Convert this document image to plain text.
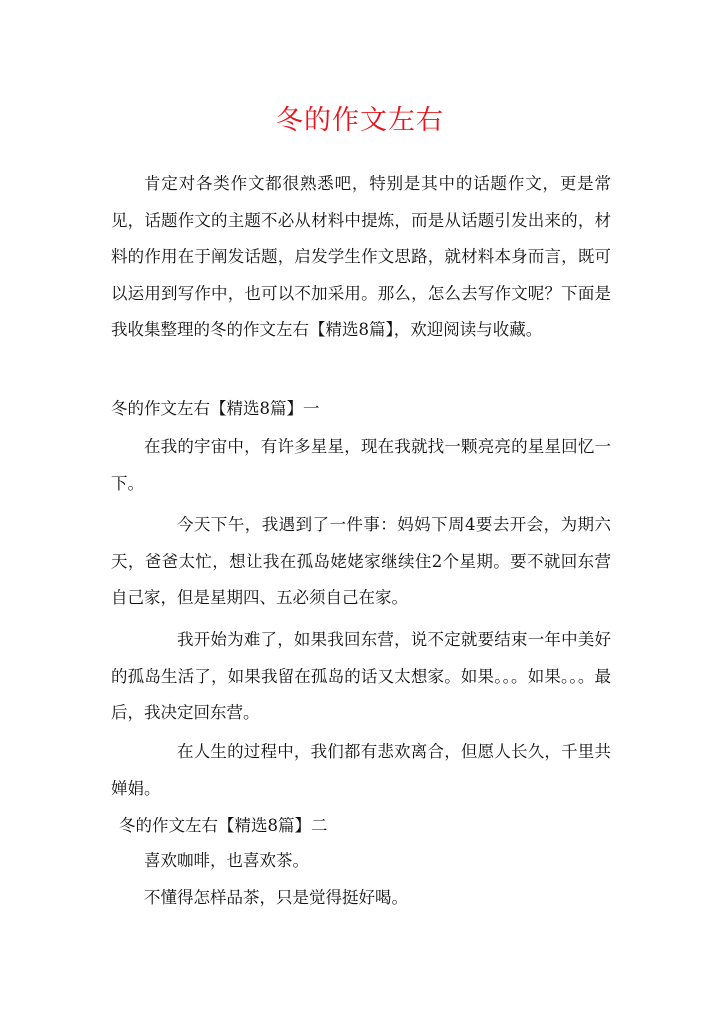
冬的作文左右
肯定对各类作文都很熟悉吧，特别是其中的话题作文，更是常见，话题作文的主题不必从材料中提炼，而是从话题引发出来的，材料的作用在于阐发话题，启发学生作文思路，就材料本身而言，既可以运用到写作中，也可以不加采用。那么，怎么去写作文呢？下面是我收集整理的冬的作文左右【精选8篇】，欢迎阅读与收藏。
冬的作文左右【精选8篇】一
在我的宇宙中，有许多星星，现在我就找一颗亮亮的星星回忆一下。
今天下午，我遇到了一件事：妈妈下周4要去开会，为期六天，爸爸太忙，想让我在孤岛姥姥家继续住2个星期。要不就回东营自己家，但是星期四、五必须自己在家。
我开始为难了，如果我回东营，说不定就要结束一年中美好的孤岛生活了，如果我留在孤岛的话又太想家。如果。。。如果。。。最后，我决定回东营。
在人生的过程中，我们都有悲欢离合，但愿人长久，千里共婵娟。
冬的作文左右【精选8篇】二
喜欢咖啡，也喜欢茶。
不懂得怎样品茶，只是觉得挺好喝。
